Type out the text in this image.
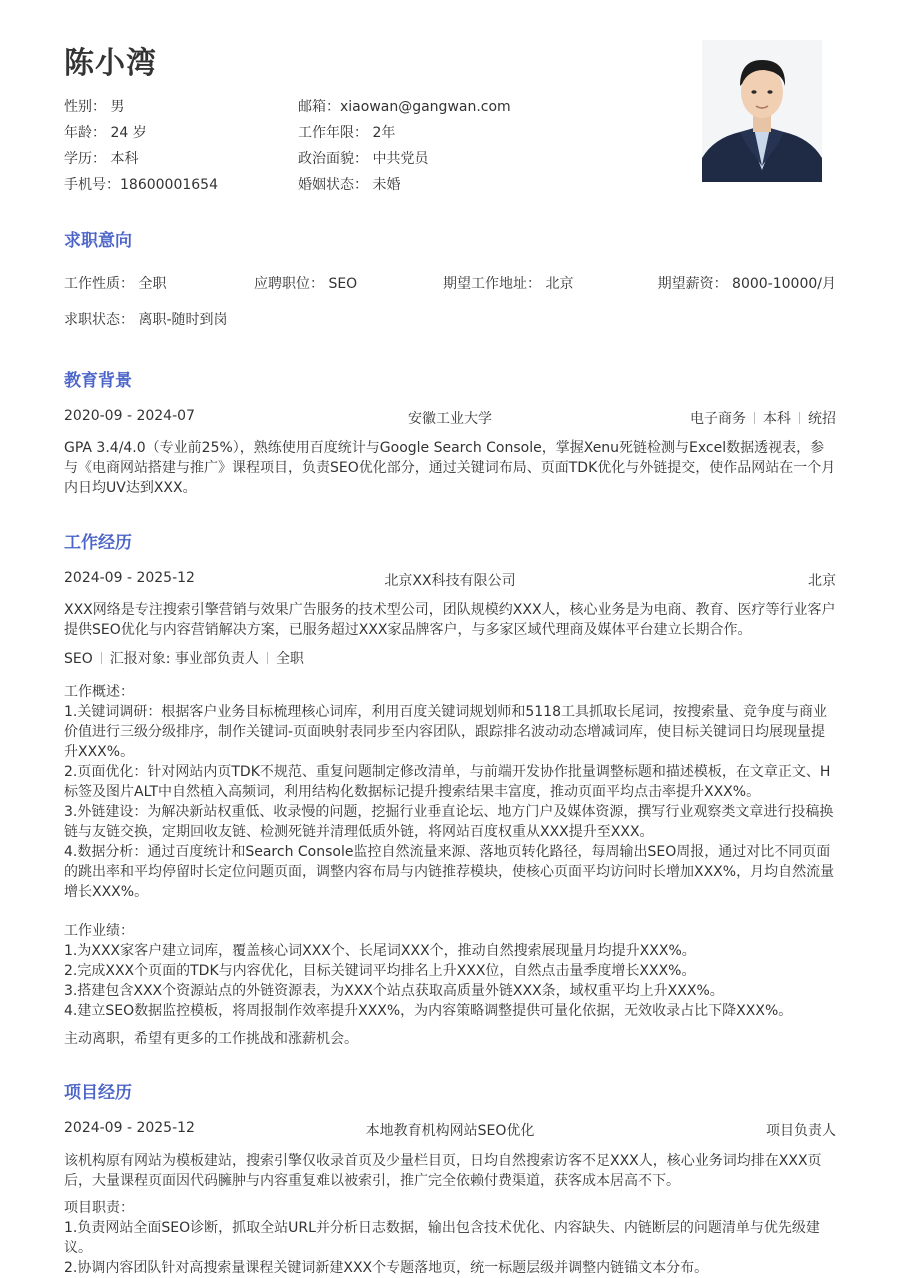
陈小湾
性别： 男	邮箱：xiaowan@gangwan.com
年龄： 24 岁	工作年限： 2年
学历： 本科	政治面貌： 中共党员
手机号：18600001654	婚姻状态： 未婚
求职意向
工作性质： 全职	应聘职位： SEO	期望工作地址： 北京	期望薪资： 8000-10000/月
求职状态： 离职-随时到岗
教育背景
2020-09 - 2024-07	安徽工业大学	电子商务 本科 统招
GPA 3.4/4.0（专业前25%），熟练使用百度统计与Google Search Console，掌握Xenu死链检测与Excel数据透视表，参与《电商网站搭建与推广》课程项目，负责SEO优化部分，通过关键词布局、页面TDK优化与外链提交，使作品网站在一个月内日均UV达到XXX。
工作经历
2024-09 - 2025-12	北京XX科技有限公司	北京
XXX网络是专注搜索引擎营销与效果广告服务的技术型公司，团队规模约XXX人，核心业务是为电商、教育、医疗等行业客户提供SEO优化与内容营销解决方案，已服务超过XXX家品牌客户，与多家区域代理商及媒体平台建立长期合作。
SEO 汇报对象: 事业部负责人 全职
工作概述：
1.关键词调研：根据客户业务目标梳理核心词库，利用百度关键词规划师和5118工具抓取长尾词，按搜索量、竞争度与商业价值进行三级分级排序，制作关键词-页面映射表同步至内容团队，跟踪排名波动动态增减词库，使目标关键词日均展现量提升XXX%。
2.页面优化：针对网站内页TDK不规范、重复问题制定修改清单，与前端开发协作批量调整标题和描述模板，在文章正文、H标签及图片ALT中自然植入高频词，利用结构化数据标记提升搜索结果丰富度，推动页面平均点击率提升XXX%。
3.外链建设：为解决新站权重低、收录慢的问题，挖掘行业垂直论坛、地方门户及媒体资源，撰写行业观察类文章进行投稿换链与友链交换，定期回收友链、检测死链并清理低质外链，将网站百度权重从XXX提升至XXX。
4.数据分析：通过百度统计和Search Console监控自然流量来源、落地页转化路径，每周输出SEO周报，通过对比不同页面的跳出率和平均停留时长定位问题页面，调整内容布局与内链推荐模块，使核心页面平均访问时长增加XXX%，月均自然流量增长XXX%。
工作业绩：
1.为XXX家客户建立词库，覆盖核心词XXX个、长尾词XXX个，推动自然搜索展现量月均提升XXX%。
2.完成XXX个页面的TDK与内容优化，目标关键词平均排名上升XXX位，自然点击量季度增长XXX%。
3.搭建包含XXX个资源站点的外链资源表，为XXX个站点获取高质量外链XXX条，域权重平均上升XXX%。
4.建立SEO数据监控模板，将周报制作效率提升XXX%，为内容策略调整提供可量化依据，无效收录占比下降XXX%。
主动离职，希望有更多的工作挑战和涨薪机会。
项目经历
2024-09 - 2025-12	本地教育机构网站SEO优化	项目负责人
该机构原有网站为模板建站，搜索引擎仅收录首页及少量栏目页，日均自然搜索访客不足XXX人，核心业务词均排在XXX页后，大量课程页面因代码臃肿与内容重复难以被索引，推广完全依赖付费渠道，获客成本居高不下。
项目职责：
1.负责网站全面SEO诊断，抓取全站URL并分析日志数据，输出包含技术优化、内容缺失、内链断层的问题清单与优先级建议。
2.协调内容团队针对高搜索量课程关键词新建XXX个专题落地页，统一标题层级并调整内链锚文本分布。
